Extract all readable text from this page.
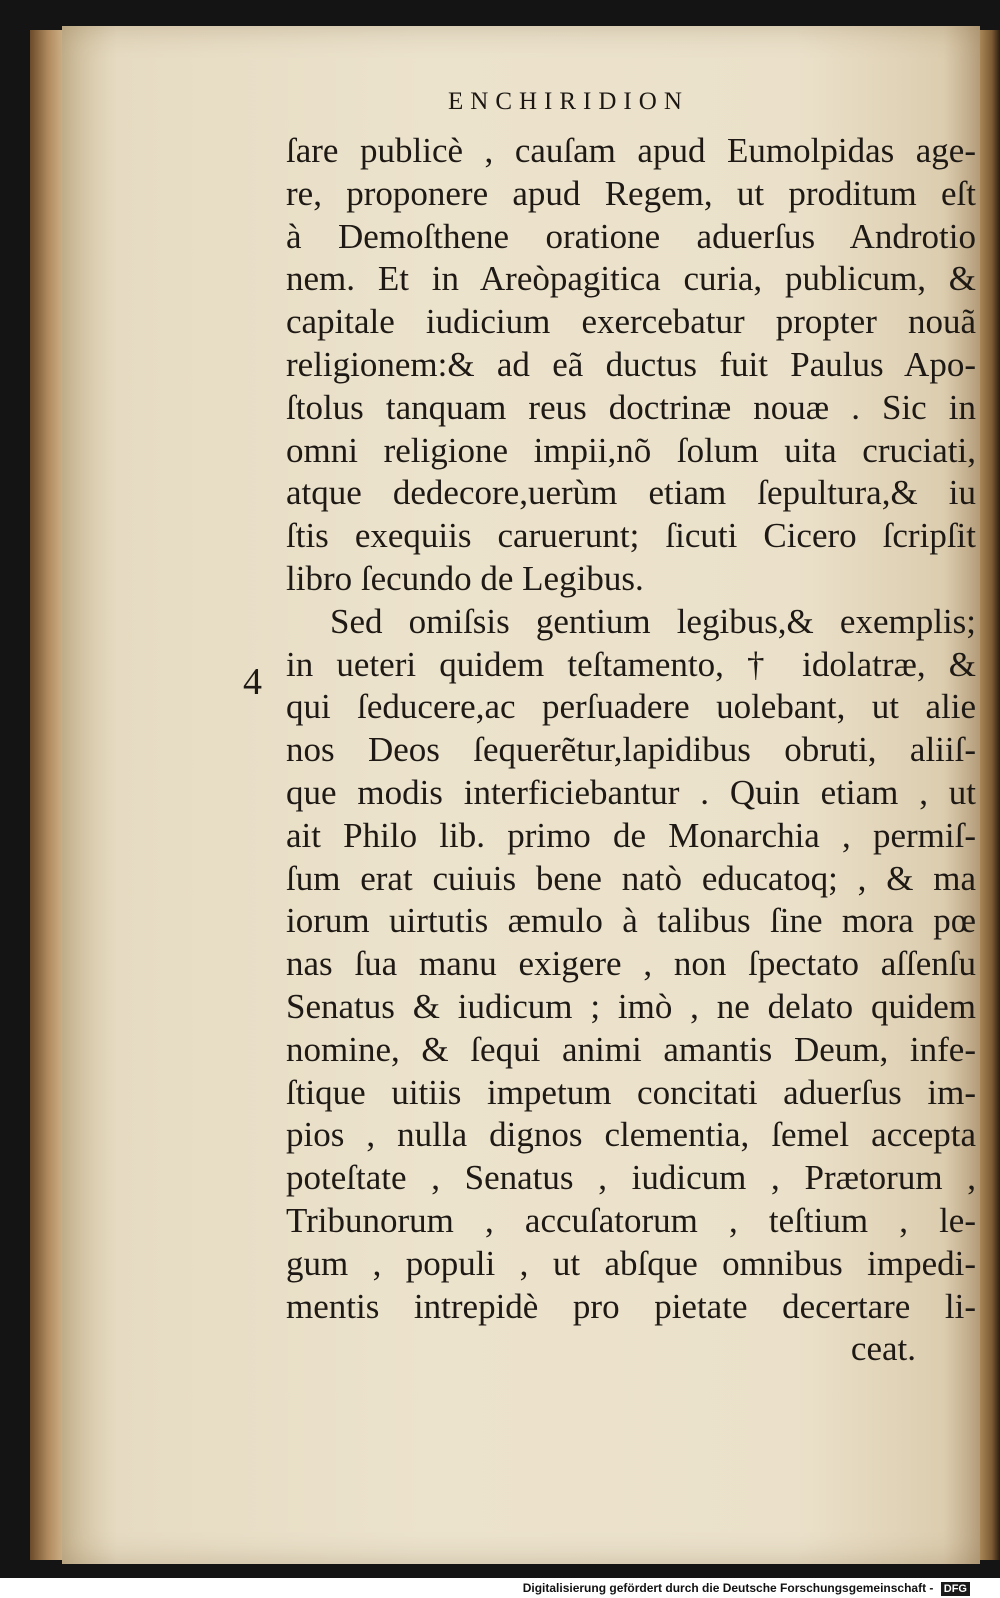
ENCHIRIDION
4
ſare publicè , cauſam apud Eumolpidas age-
re, proponere apud Regem, ut proditum eſt
à Demoſthene oratione aduerſus Androtio
nem. Et in Areòpagitica curia, publicum, &
capitale iudicium exercebatur propter nouã
religionem:& ad eã ductus fuit Paulus Apo-
ſtolus tanquam reus doctrinæ nouæ . Sic in
omni religione impii,nõ ſolum uita cruciati,
atque dedecore,uerùm etiam ſepultura,& iu
ſtis exequiis caruerunt; ſicuti Cicero ſcripſit
libro ſecundo de Legibus.
Sed omiſsis gentium legibus,& exemplis;
in ueteri quidem teſtamento, † idolatræ, &
qui ſeducere,ac perſuadere uolebant, ut alie
nos Deos ſequerẽtur,lapidibus obruti, aliiſ-
que modis interficiebantur . Quin etiam , ut
ait Philo lib. primo de Monarchia , permiſ-
ſum erat cuiuis bene natò educatoq; , & ma
iorum uirtutis æmulo à talibus ſine mora pœ
nas ſua manu exigere , non ſpectato aſſenſu
Senatus & iudicum ; imò , ne delato quidem
nomine, & ſequi animi amantis Deum, infe-
ſtique uitiis impetum concitati aduerſus im-
pios , nulla dignos clementia, ſemel accepta
poteſtate , Senatus , iudicum , Prætorum ,
Tribunorum , accuſatorum , teſtium , le-
gum , populi , ut abſque omnibus impedi-
mentis intrepidè pro pietate decertare li-
ceat.
Digitalisierung gefördert durch die Deutsche Forschungsgemeinschaft - DFG
